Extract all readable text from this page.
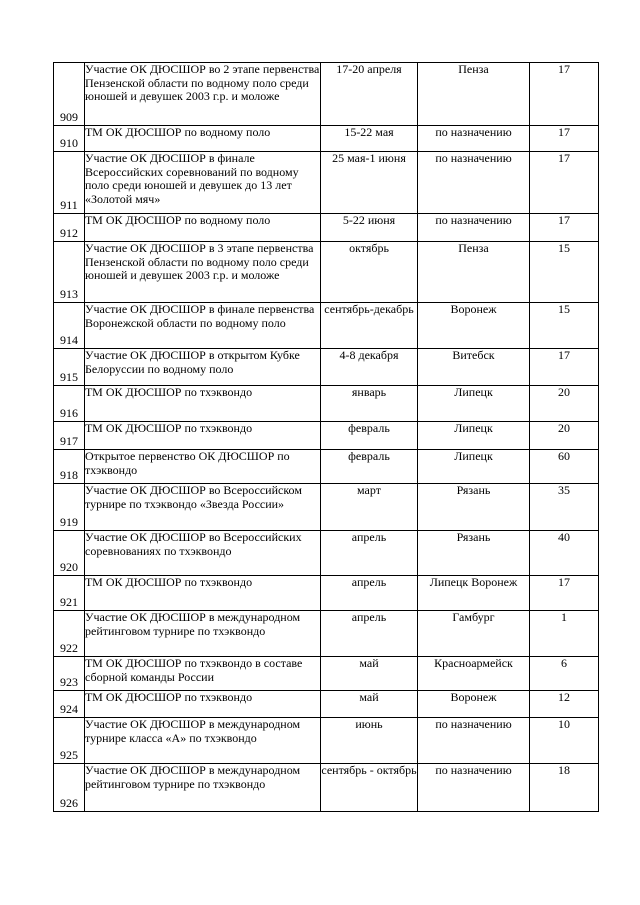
909	Участие ОК ДЮСШОР во 2 этапе первенства Пензенской области по водному поло среди юношей и девушек 2003 г.р. и моложе	17-20 апреля	Пенза	17
910	ТМ ОК ДЮСШОР по водному поло	15-22 мая	по назначению	17
911	Участие ОК ДЮСШОР в финале Всероссийских соревнований по водному поло среди юношей и девушек до 13 лет «Золотой мяч»	25 мая-1 июня	по назначению	17
912	ТМ ОК ДЮСШОР по водному поло	5-22 июня	по назначению	17
913	Участие ОК ДЮСШОР в 3 этапе первенства Пензенской области по водному поло среди юношей и девушек 2003 г.р. и моложе	октябрь	Пенза	15
914	Участие ОК ДЮСШОР в финале первенства Воронежской области по водному поло	сентябрь-декабрь	Воронеж	15
915	Участие ОК ДЮСШОР в открытом Кубке Белоруссии по водному поло	4-8 декабря	Витебск	17
916	ТМ ОК ДЮСШОР по тхэквондо	январь	Липецк	20
917	ТМ ОК ДЮСШОР по тхэквондо	февраль	Липецк	20
918	Открытое первенство ОК ДЮСШОР по тхэквондо	февраль	Липецк	60
919	Участие ОК ДЮСШОР во Всероссийском турнире по тхэквондо «Звезда России»	март	Рязань	35
920	Участие ОК ДЮСШОР во Всероссийских соревнованиях по тхэквондо	апрель	Рязань	40
921	ТМ ОК ДЮСШОР по тхэквондо	апрель	Липецк Воронеж	17
922	Участие ОК ДЮСШОР в международном рейтинговом турнире по тхэквондо	апрель	Гамбург	1
923	ТМ ОК ДЮСШОР по тхэквондо в составе сборной команды России	май	Красноармейск	6
924	ТМ ОК ДЮСШОР по тхэквондо	май	Воронеж	12
925	Участие ОК ДЮСШОР в международном турнире класса «А» по тхэквондо	июнь	по назначению	10
926	Участие ОК ДЮСШОР в международном рейтинговом турнире по тхэквондо	сентябрь - октябрь	по назначению	18
